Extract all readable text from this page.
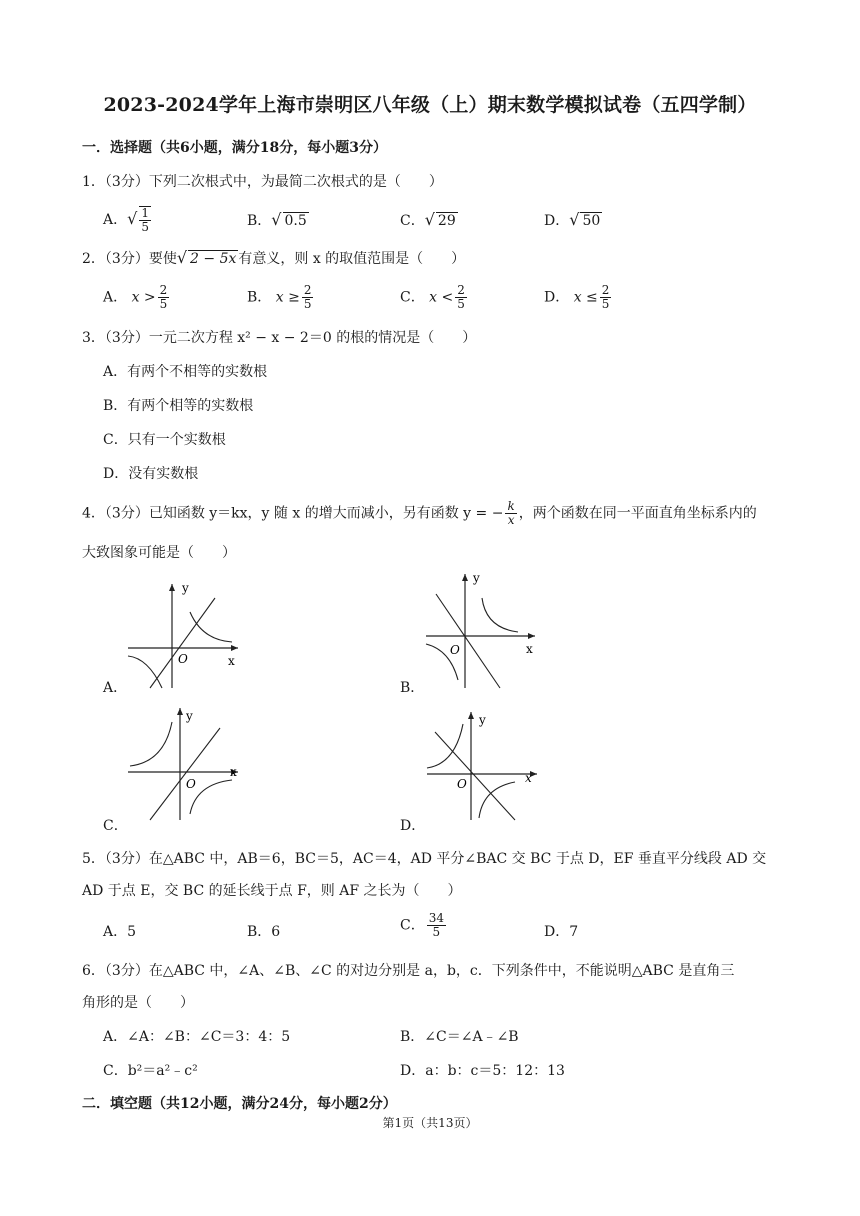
2023-2024学年上海市崇明区八年级（上）期末数学模拟试卷（五四学制）
一．选择题（共6小题，满分18分，每小题3分）
1．（3分）下列二次根式中，为最简二次根式的是（　　）
A．√ $\frac{1}{5}$	B．√ 0.5	C．√ 29	D．√ 50
2．（3分）要使√ 2 − 5x 有意义，则 x 的取值范围是（　　）
A． $x > \frac{2}{5}$	B． $x \ge \frac{2}{5}$	C． $x < \frac{2}{5}$	D． $x \le \frac{2}{5}$
3．（3分）一元二次方程 x² − x − 2＝0 的根的情况是（　　）
A．有两个不相等的实数根
B．有两个相等的实数根
C．只有一个实数根
D．没有实数根
4．（3分）已知函数 y＝kx，y 随 x 的增大而减小，另有函数 y = − $\frac{k}{x}$ ，两个函数在同一平面直角坐标系内的
大致图象可能是（　　）
x
y
O
A．
x
y
O
B．
x
y
O
C．
x
y
O
D．
5．（3分）在△ABC 中，AB＝6，BC＝5，AC＝4，AD 平分∠BAC 交 BC 于点 D，EF 垂直平分线段 AD 交
AD 于点 E，交 BC 的延长线于点 F，则 AF 之长为（　　）
A．5	B．6	C． $\frac{34}{5}$	D．7
6．（3分）在△ABC 中，∠A、∠B、∠C 的对边分别是 a，b，c．下列条件中，不能说明△ABC 是直角三
角形的是（　　）
A．∠A：∠B：∠C＝3：4：5	B．∠C＝∠A﹣∠B
C．b²＝a²﹣c²	D．a：b：c＝5：12：13
二．填空题（共12小题，满分24分，每小题2分）
第1页（共13页）
